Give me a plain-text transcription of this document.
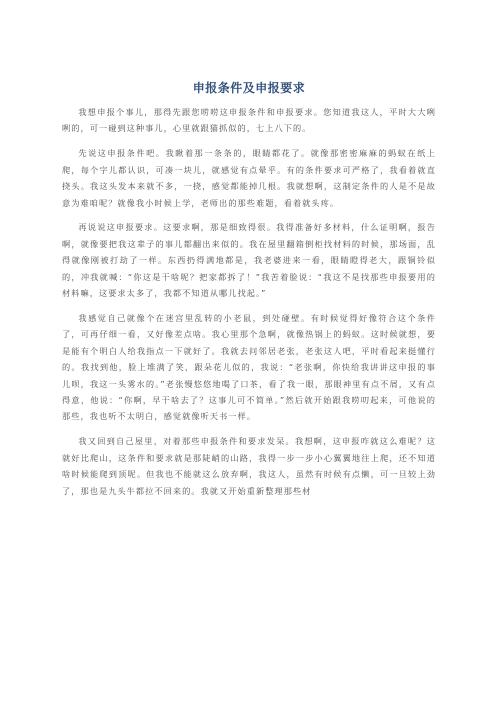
申报条件及申报要求

我想申报个事儿，那得先跟您唠唠这申报条件和申报要求。您知道我这人，平时大大咧咧的，可一碰到这种事儿，心里就跟猫抓似的，七上八下的。

先说这申报条件吧。我瞅着那一条条的，眼睛都花了。就像那密密麻麻的蚂蚁在纸上爬，每个字儿都认识，可凑一块儿，就感觉有点晕乎。有的条件要求可严格了，我看着就直挠头。我这头发本来就不多，一挠，感觉都能掉几根。我就想啊，这制定条件的人是不是故意为难咱呢？就像我小时候上学，老师出的那些难题，看着就头疼。

再说说这申报要求。这要求啊，那是细致得很。我得准备好多材料，什么证明啊，报告啊，就像要把我这辈子的事儿都翻出来似的。我在屋里翻箱倒柜找材料的时候，那场面，乱得就像刚被打劫了一样。东西扔得满地都是，我老婆进来一看，眼睛瞪得老大，跟铜铃似的，冲我就喊：“你这是干啥呢？把家都拆了！”我苦着脸说：“我这不是找那些申报要用的材料嘛，这要求太多了，我都不知道从哪儿找起。”

我感觉自己就像个在迷宫里乱转的小老鼠，到处碰壁。有时候觉得好像符合这个条件了，可再仔细一看，又好像差点啥。我心里那个急啊，就像热锅上的蚂蚁。这时候就想，要是能有个明白人给我指点一下就好了。我就去问邻居老张，老张这人吧，平时看起来挺懂行的。我找到他，脸上堆满了笑，跟朵花儿似的，我说：“老张啊，你快给我讲讲这申报的事儿呗，我这一头雾水的。”老张慢悠悠地喝了口茶，看了我一眼，那眼神里有点不屑，又有点得意，他说：“你啊，早干啥去了？这事儿可不简单。”然后就开始跟我唠叨起来，可他说的那些，我也听不太明白，感觉就像听天书一样。

我又回到自己屋里，对着那些申报条件和要求发呆。我想啊，这申报咋就这么难呢？这就好比爬山，这条件和要求就是那陡峭的山路，我得一步一步小心翼翼地往上爬，还不知道啥时候能爬到顶呢。但我也不能就这么放弃啊，我这人，虽然有时候有点懒，可一旦较上劲了，那也是九头牛都拉不回来的。我就又开始重新整理那些材
